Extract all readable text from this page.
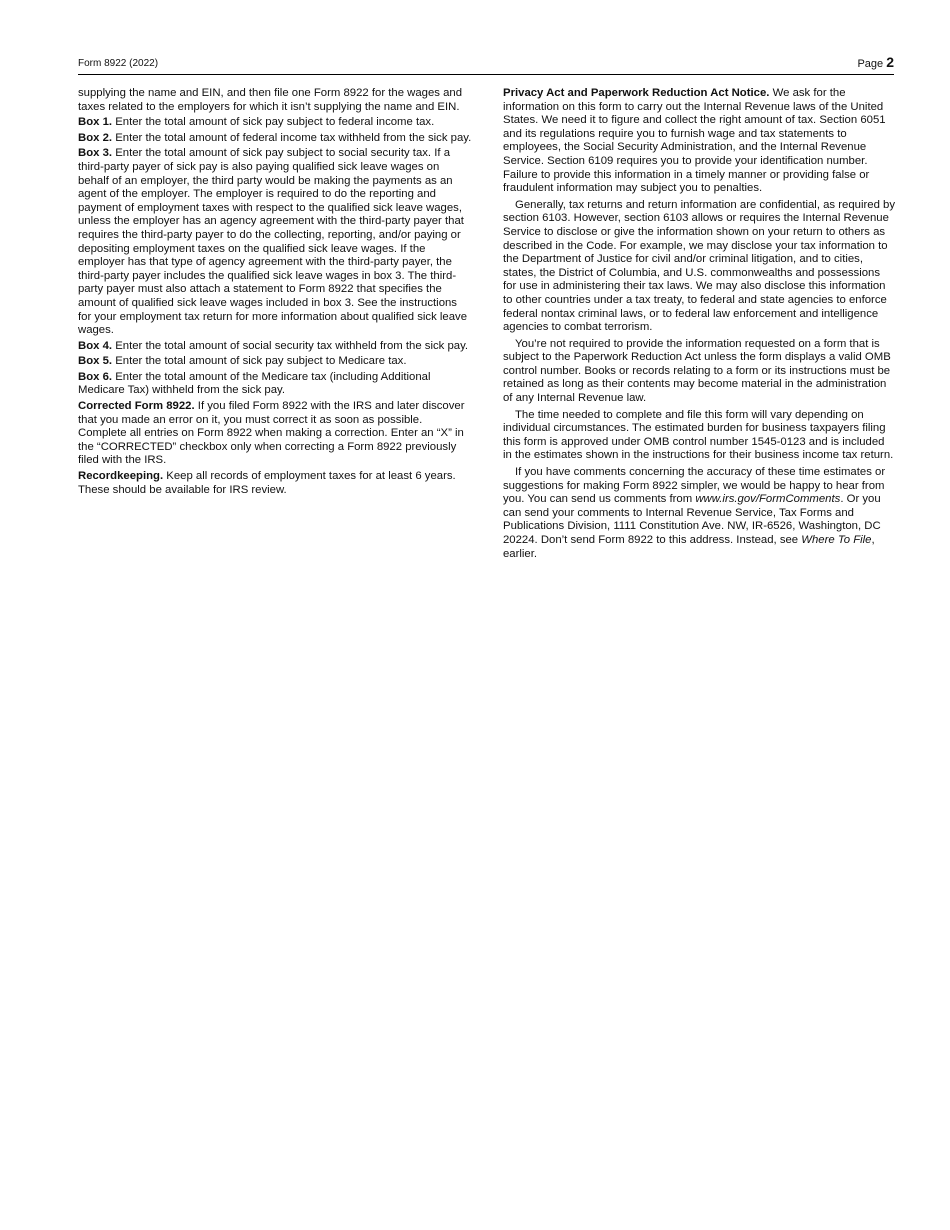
Form 8922 (2022)	Page 2

supplying the name and EIN, and then file one Form 8922 for the wages and taxes related to the employers for which it isn’t supplying the name and EIN.

Box 1. Enter the total amount of sick pay subject to federal income tax.

Box 2. Enter the total amount of federal income tax withheld from the sick pay.

Box 3. Enter the total amount of sick pay subject to social security tax. If a third-party payer of sick pay is also paying qualified sick leave wages on behalf of an employer, the third party would be making the payments as an agent of the employer. The employer is required to do the reporting and payment of employment taxes with respect to the qualified sick leave wages, unless the employer has an agency agreement with the third-party payer that requires the third-party payer to do the collecting, reporting, and/or paying or depositing employment taxes on the qualified sick leave wages. If the employer has that type of agency agreement with the third-party payer, the third-party payer includes the qualified sick leave wages in box 3. The third-party payer must also attach a statement to Form 8922 that specifies the amount of qualified sick leave wages included in box 3. See the instructions for your employment tax return for more information about qualified sick leave wages.

Box 4. Enter the total amount of social security tax withheld from the sick pay.

Box 5. Enter the total amount of sick pay subject to Medicare tax.

Box 6. Enter the total amount of the Medicare tax (including Additional Medicare Tax) withheld from the sick pay.

Corrected Form 8922. If you filed Form 8922 with the IRS and later discover that you made an error on it, you must correct it as soon as possible. Complete all entries on Form 8922 when making a correction. Enter an “X” in the “CORRECTED” checkbox only when correcting a Form 8922 previously filed with the IRS.

Recordkeeping. Keep all records of employment taxes for at least 6 years. These should be available for IRS review.

Privacy Act and Paperwork Reduction Act Notice. We ask for the information on this form to carry out the Internal Revenue laws of the United States. We need it to figure and collect the right amount of tax. Section 6051 and its regulations require you to furnish wage and tax statements to employees, the Social Security Administration, and the Internal Revenue Service. Section 6109 requires you to provide your identification number. Failure to provide this information in a timely manner or providing false or fraudulent information may subject you to penalties.

Generally, tax returns and return information are confidential, as required by section 6103. However, section 6103 allows or requires the Internal Revenue Service to disclose or give the information shown on your return to others as described in the Code. For example, we may disclose your tax information to the Department of Justice for civil and/or criminal litigation, and to cities, states, the District of Columbia, and U.S. commonwealths and possessions for use in administering their tax laws. We may also disclose this information to other countries under a tax treaty, to federal and state agencies to enforce federal nontax criminal laws, or to federal law enforcement and intelligence agencies to combat terrorism.

You’re not required to provide the information requested on a form that is subject to the Paperwork Reduction Act unless the form displays a valid OMB control number. Books or records relating to a form or its instructions must be retained as long as their contents may become material in the administration of any Internal Revenue law.

The time needed to complete and file this form will vary depending on individual circumstances. The estimated burden for business taxpayers filing this form is approved under OMB control number 1545-0123 and is included in the estimates shown in the instructions for their business income tax return.

If you have comments concerning the accuracy of these time estimates or suggestions for making Form 8922 simpler, we would be happy to hear from you. You can send us comments from www.irs.gov/FormComments. Or you can send your comments to Internal Revenue Service, Tax Forms and Publications Division, 1111 Constitution Ave. NW, IR-6526, Washington, DC 20224. Don’t send Form 8922 to this address. Instead, see Where To File, earlier.
